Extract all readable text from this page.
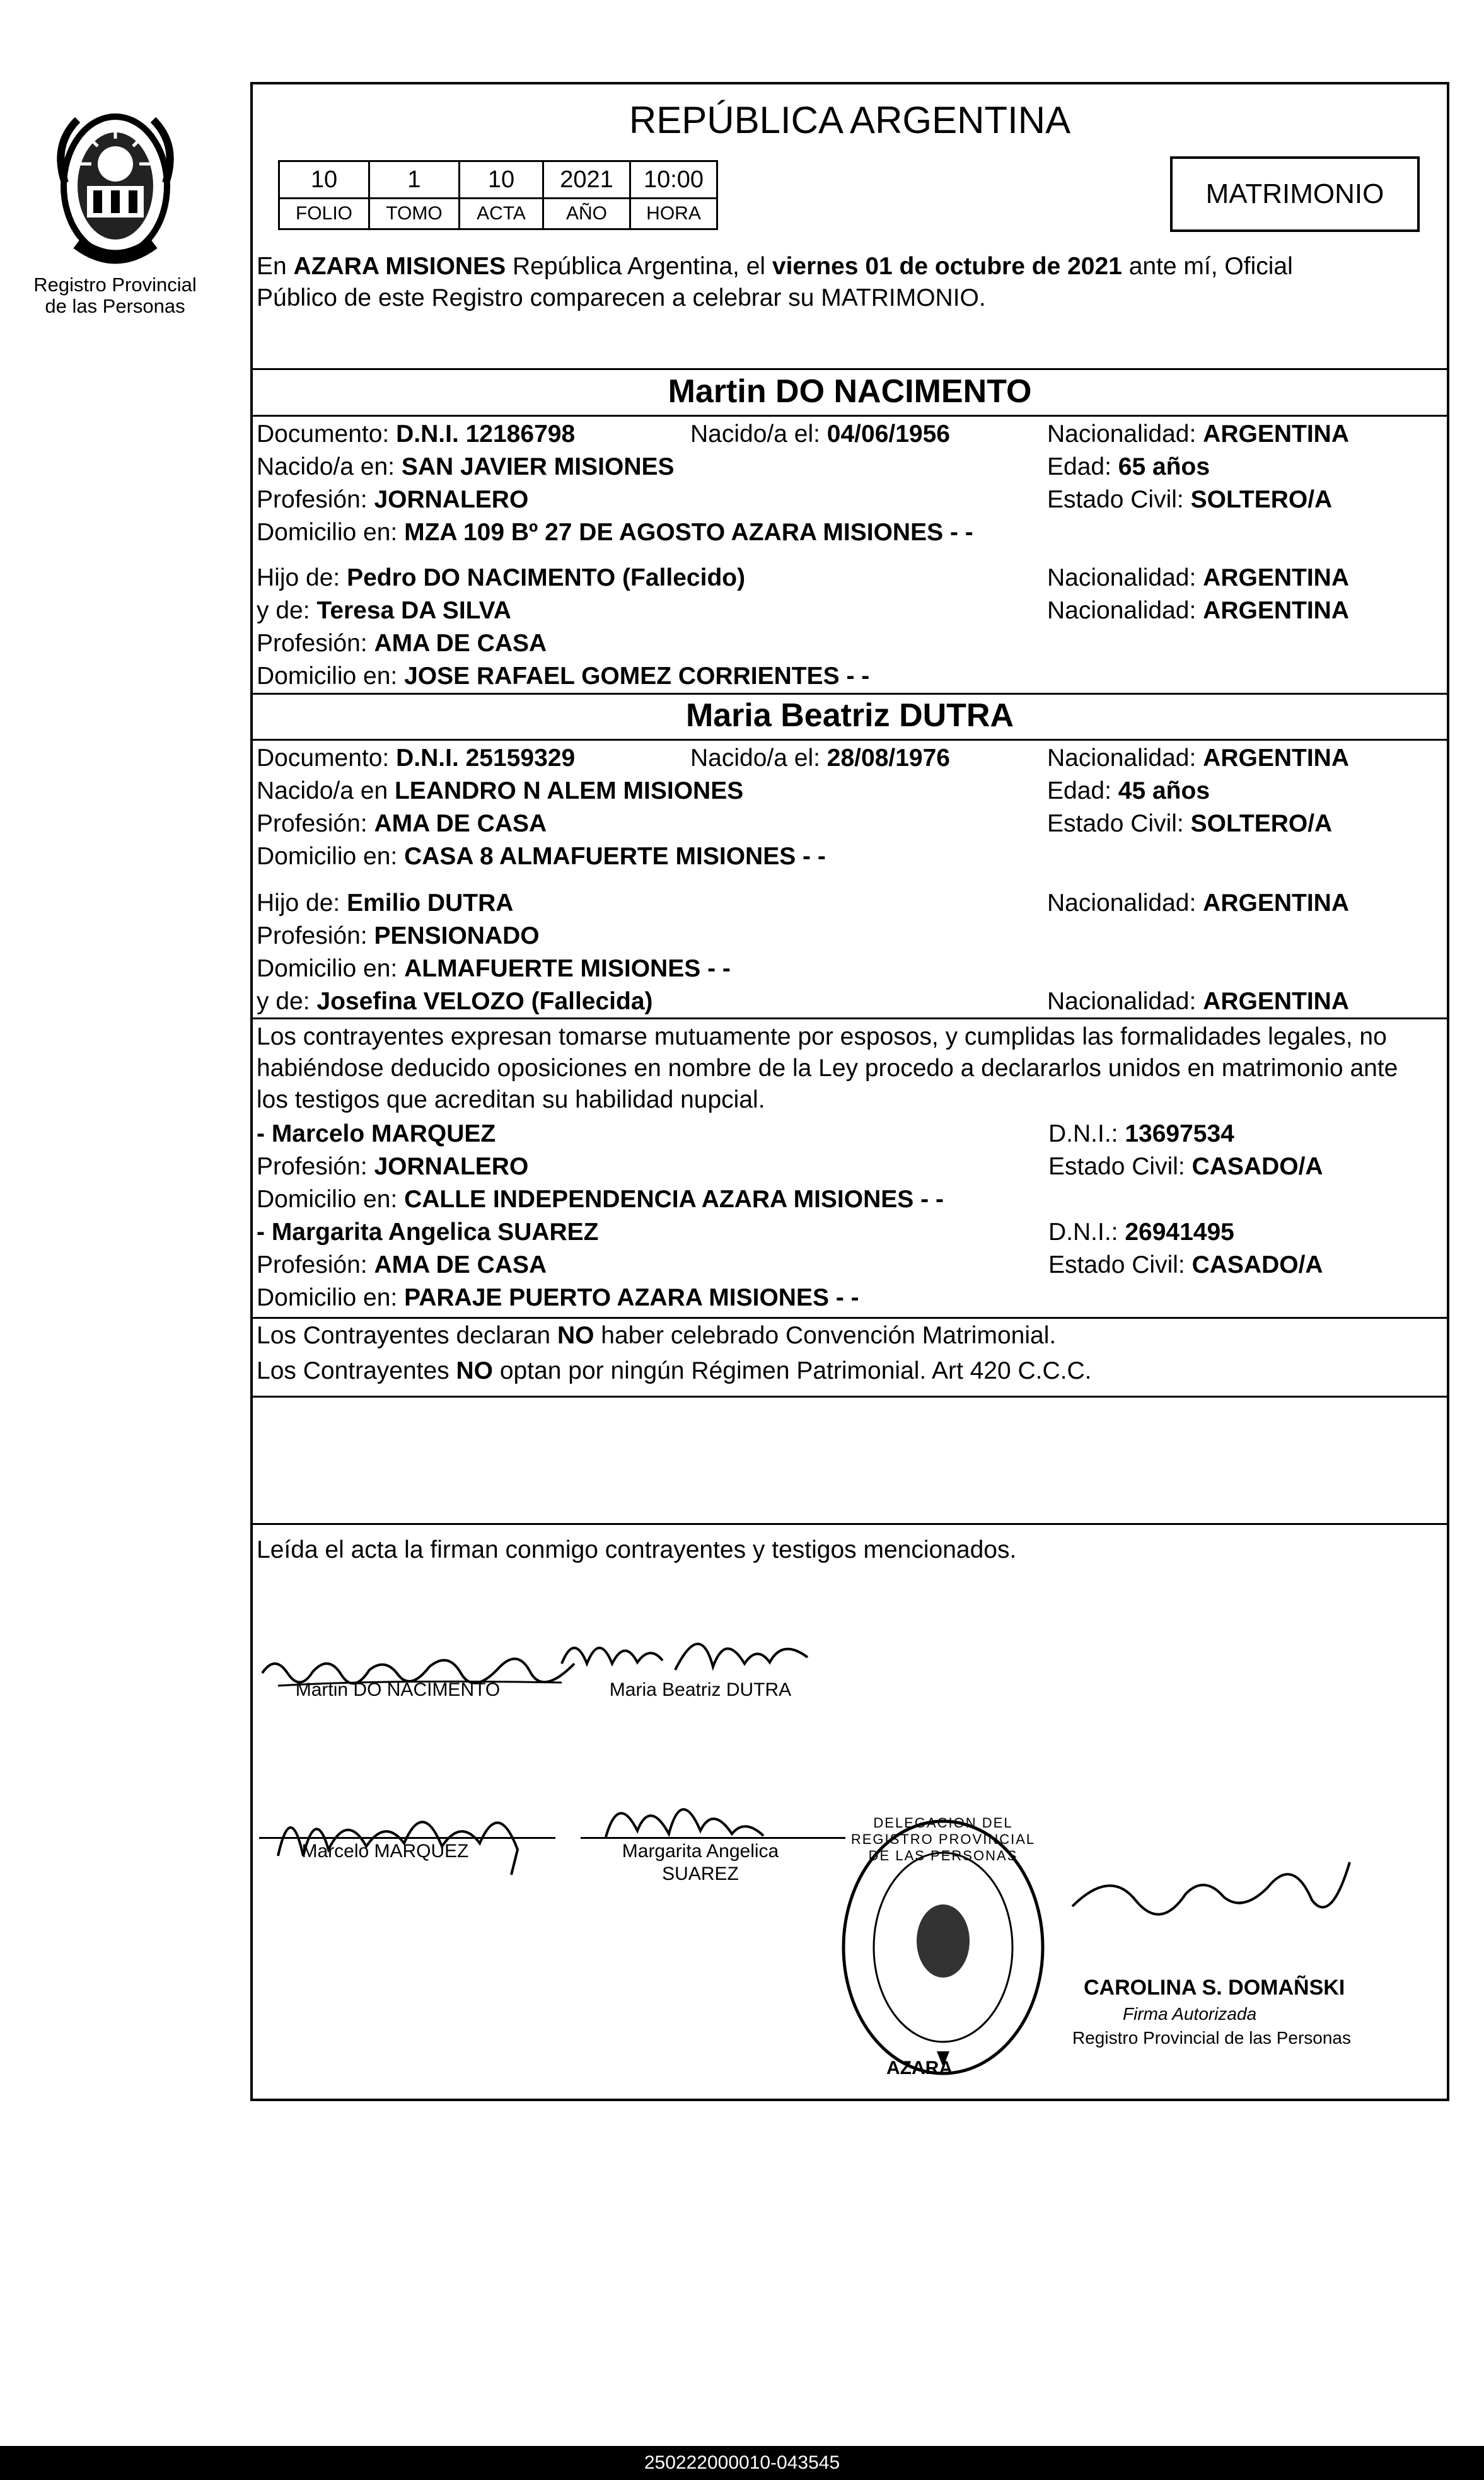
Registro Provincial
de las Personas
REPÚBLICA ARGENTINA
10	1	10	2021	10:00
FOLIO	TOMO	ACTA	AÑO	HORA
MATRIMONIO
En AZARA MISIONES República Argentina, el viernes 01 de octubre de 2021 ante mí, Oficial
Público de este Registro comparecen a celebrar su MATRIMONIO.
Martin DO NACIMENTO
Documento: D.N.I. 12186798	Nacido/a el: 04/06/1956	Nacionalidad: ARGENTINA
Nacido/a en: SAN JAVIER MISIONES	Edad: 65 años
Profesión: JORNALERO	Estado Civil: SOLTERO/A
Domicilio en: MZA 109 Bº 27 DE AGOSTO AZARA MISIONES - -
Hijo de: Pedro DO NACIMENTO (Fallecido)	Nacionalidad: ARGENTINA
y de: Teresa DA SILVA	Nacionalidad: ARGENTINA
Profesión: AMA DE CASA
Domicilio en: JOSE RAFAEL GOMEZ CORRIENTES - -
Maria Beatriz DUTRA
Documento: D.N.I. 25159329	Nacido/a el: 28/08/1976	Nacionalidad: ARGENTINA
Nacido/a en LEANDRO N ALEM MISIONES	Edad: 45 años
Profesión: AMA DE CASA	Estado Civil: SOLTERO/A
Domicilio en: CASA 8 ALMAFUERTE MISIONES - -
Hijo de: Emilio DUTRA	Nacionalidad: ARGENTINA
Profesión: PENSIONADO
Domicilio en: ALMAFUERTE MISIONES - -
y de: Josefina VELOZO (Fallecida)	Nacionalidad: ARGENTINA
Los contrayentes expresan tomarse mutuamente por esposos, y cumplidas las formalidades legales, no
habiéndose deducido oposiciones en nombre de la Ley procedo a declararlos unidos en matrimonio ante
los testigos que acreditan su habilidad nupcial.
- Marcelo MARQUEZ	D.N.I.: 13697534
Profesión: JORNALERO	Estado Civil: CASADO/A
Domicilio en: CALLE INDEPENDENCIA AZARA MISIONES - -
- Margarita Angelica SUAREZ	D.N.I.: 26941495
Profesión: AMA DE CASA	Estado Civil: CASADO/A
Domicilio en: PARAJE PUERTO AZARA MISIONES - -
Los Contrayentes declaran NO haber celebrado Convención Matrimonial.
Los Contrayentes NO optan por ningún Régimen Patrimonial. Art 420 C.C.C.
Leída el acta la firman conmigo contrayentes y testigos mencionados.
Martin DO NACIMENTO	Maria Beatriz DUTRA
Marcelo MARQUEZ	Margarita Angelica
SUAREZ
AZARA
DELEGACION DEL REGISTRO PROVINCIAL DE LAS PERSONAS
CAROLINA S. DOMAÑSKI
Firma Autorizada
Registro Provincial de las Personas
250222000010-043545
